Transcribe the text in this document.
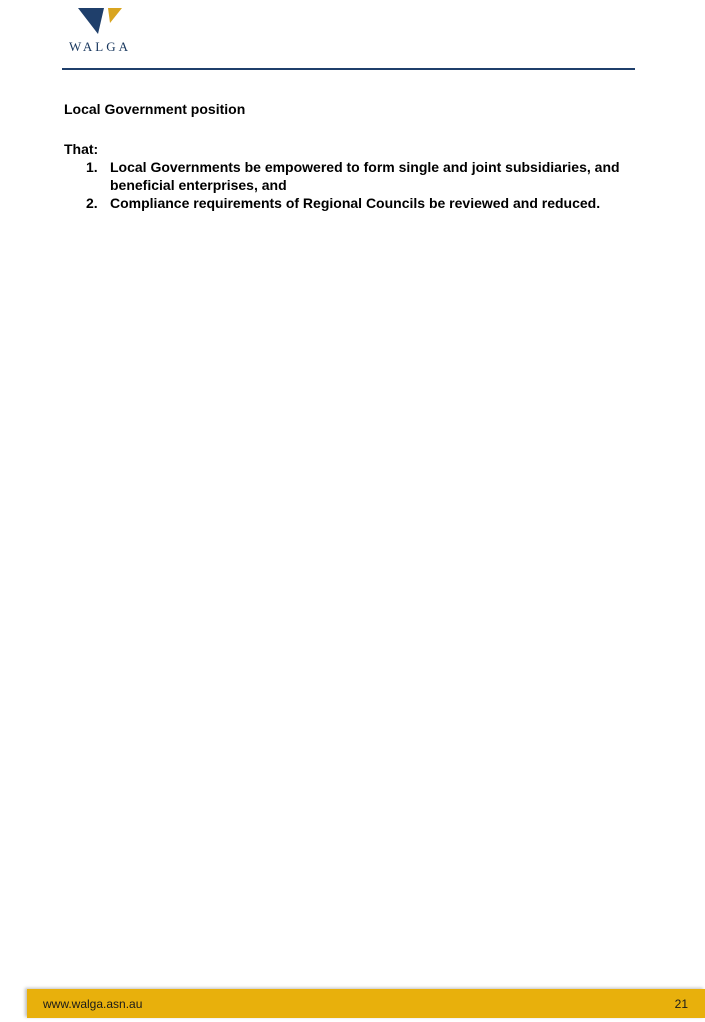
WALGA

Local Government position

That:

1. Local Governments be empowered to form single and joint subsidiaries, and beneficial enterprises, and
2. Compliance requirements of Regional Councils be reviewed and reduced.
www.walga.asn.au	21
